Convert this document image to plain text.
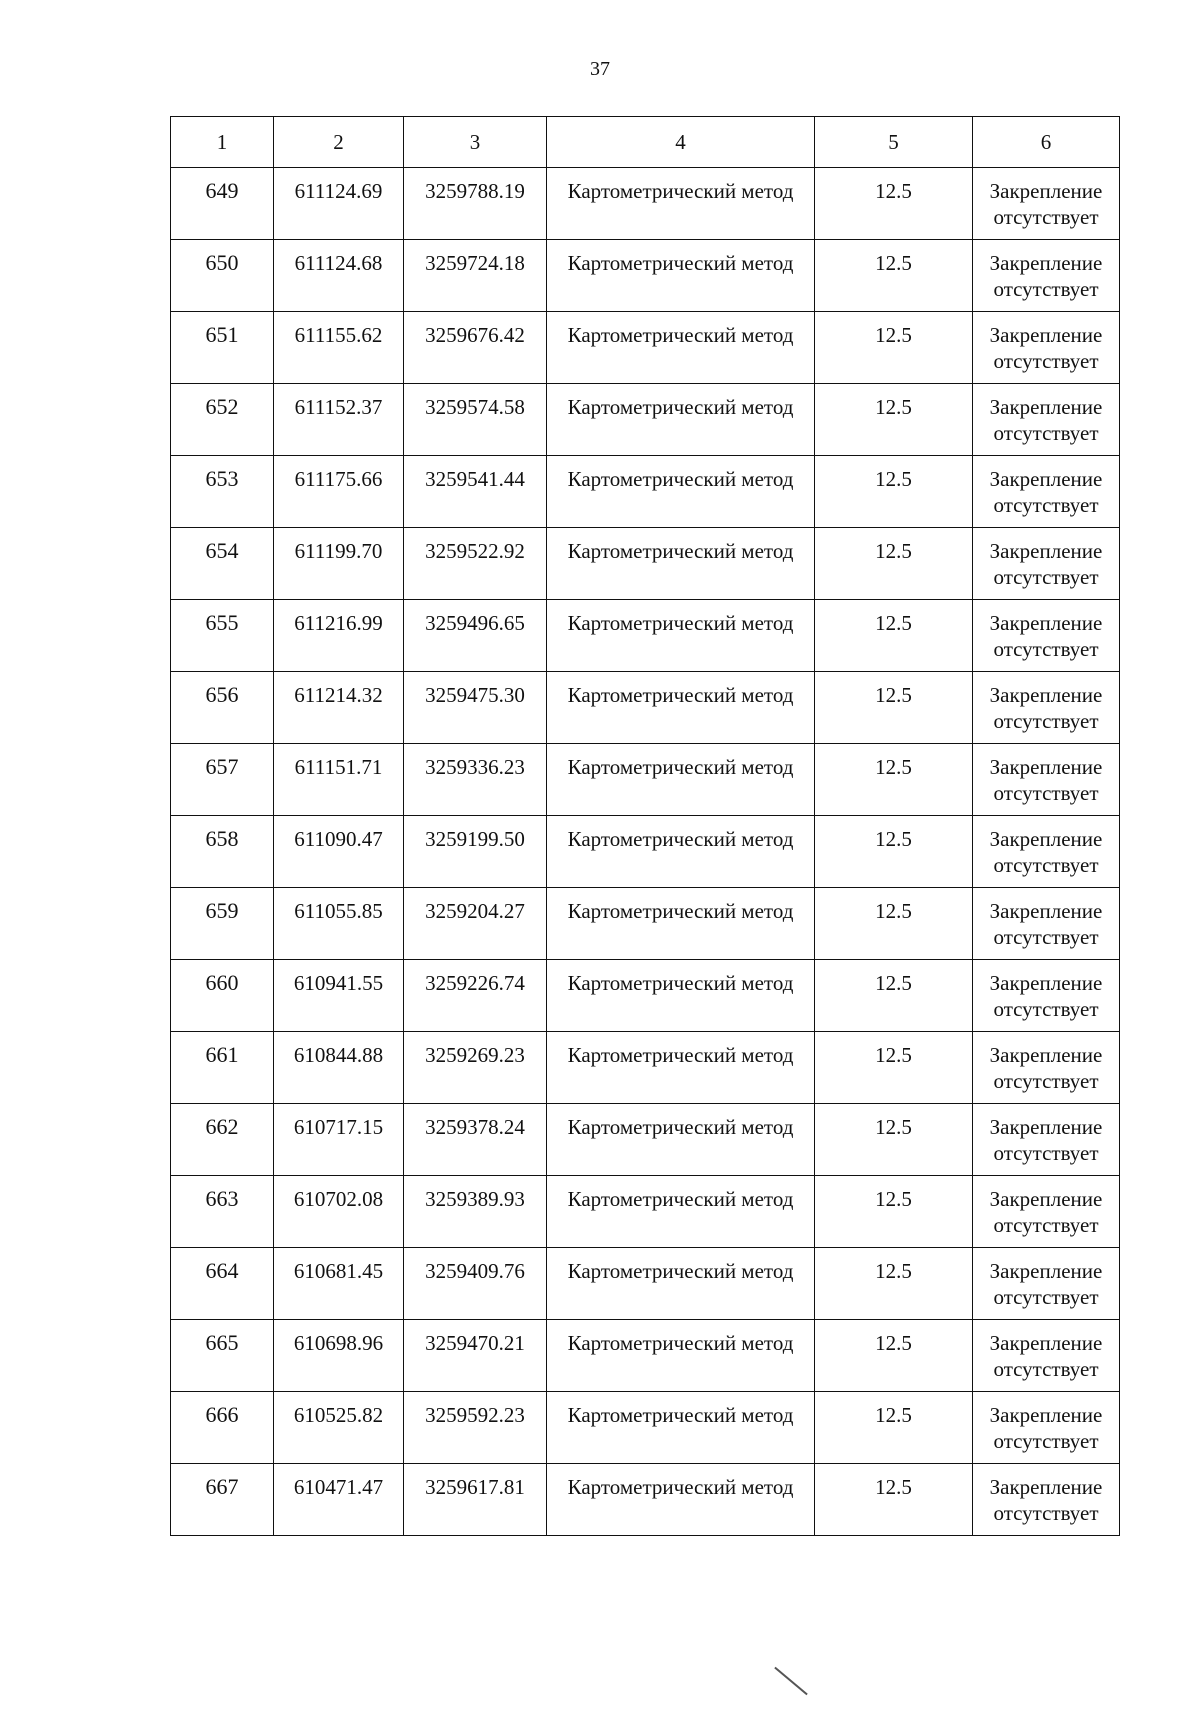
37
1	2	3	4	5	6
649	611124.69	3259788.19	Картометрический метод	12.5	Закрепление отсутствует
650	611124.68	3259724.18	Картометрический метод	12.5	Закрепление отсутствует
651	611155.62	3259676.42	Картометрический метод	12.5	Закрепление отсутствует
652	611152.37	3259574.58	Картометрический метод	12.5	Закрепление отсутствует
653	611175.66	3259541.44	Картометрический метод	12.5	Закрепление отсутствует
654	611199.70	3259522.92	Картометрический метод	12.5	Закрепление отсутствует
655	611216.99	3259496.65	Картометрический метод	12.5	Закрепление отсутствует
656	611214.32	3259475.30	Картометрический метод	12.5	Закрепление отсутствует
657	611151.71	3259336.23	Картометрический метод	12.5	Закрепление отсутствует
658	611090.47	3259199.50	Картометрический метод	12.5	Закрепление отсутствует
659	611055.85	3259204.27	Картометрический метод	12.5	Закрепление отсутствует
660	610941.55	3259226.74	Картометрический метод	12.5	Закрепление отсутствует
661	610844.88	3259269.23	Картометрический метод	12.5	Закрепление отсутствует
662	610717.15	3259378.24	Картометрический метод	12.5	Закрепление отсутствует
663	610702.08	3259389.93	Картометрический метод	12.5	Закрепление отсутствует
664	610681.45	3259409.76	Картометрический метод	12.5	Закрепление отсутствует
665	610698.96	3259470.21	Картометрический метод	12.5	Закрепление отсутствует
666	610525.82	3259592.23	Картометрический метод	12.5	Закрепление отсутствует
667	610471.47	3259617.81	Картометрический метод	12.5	Закрепление отсутствует
